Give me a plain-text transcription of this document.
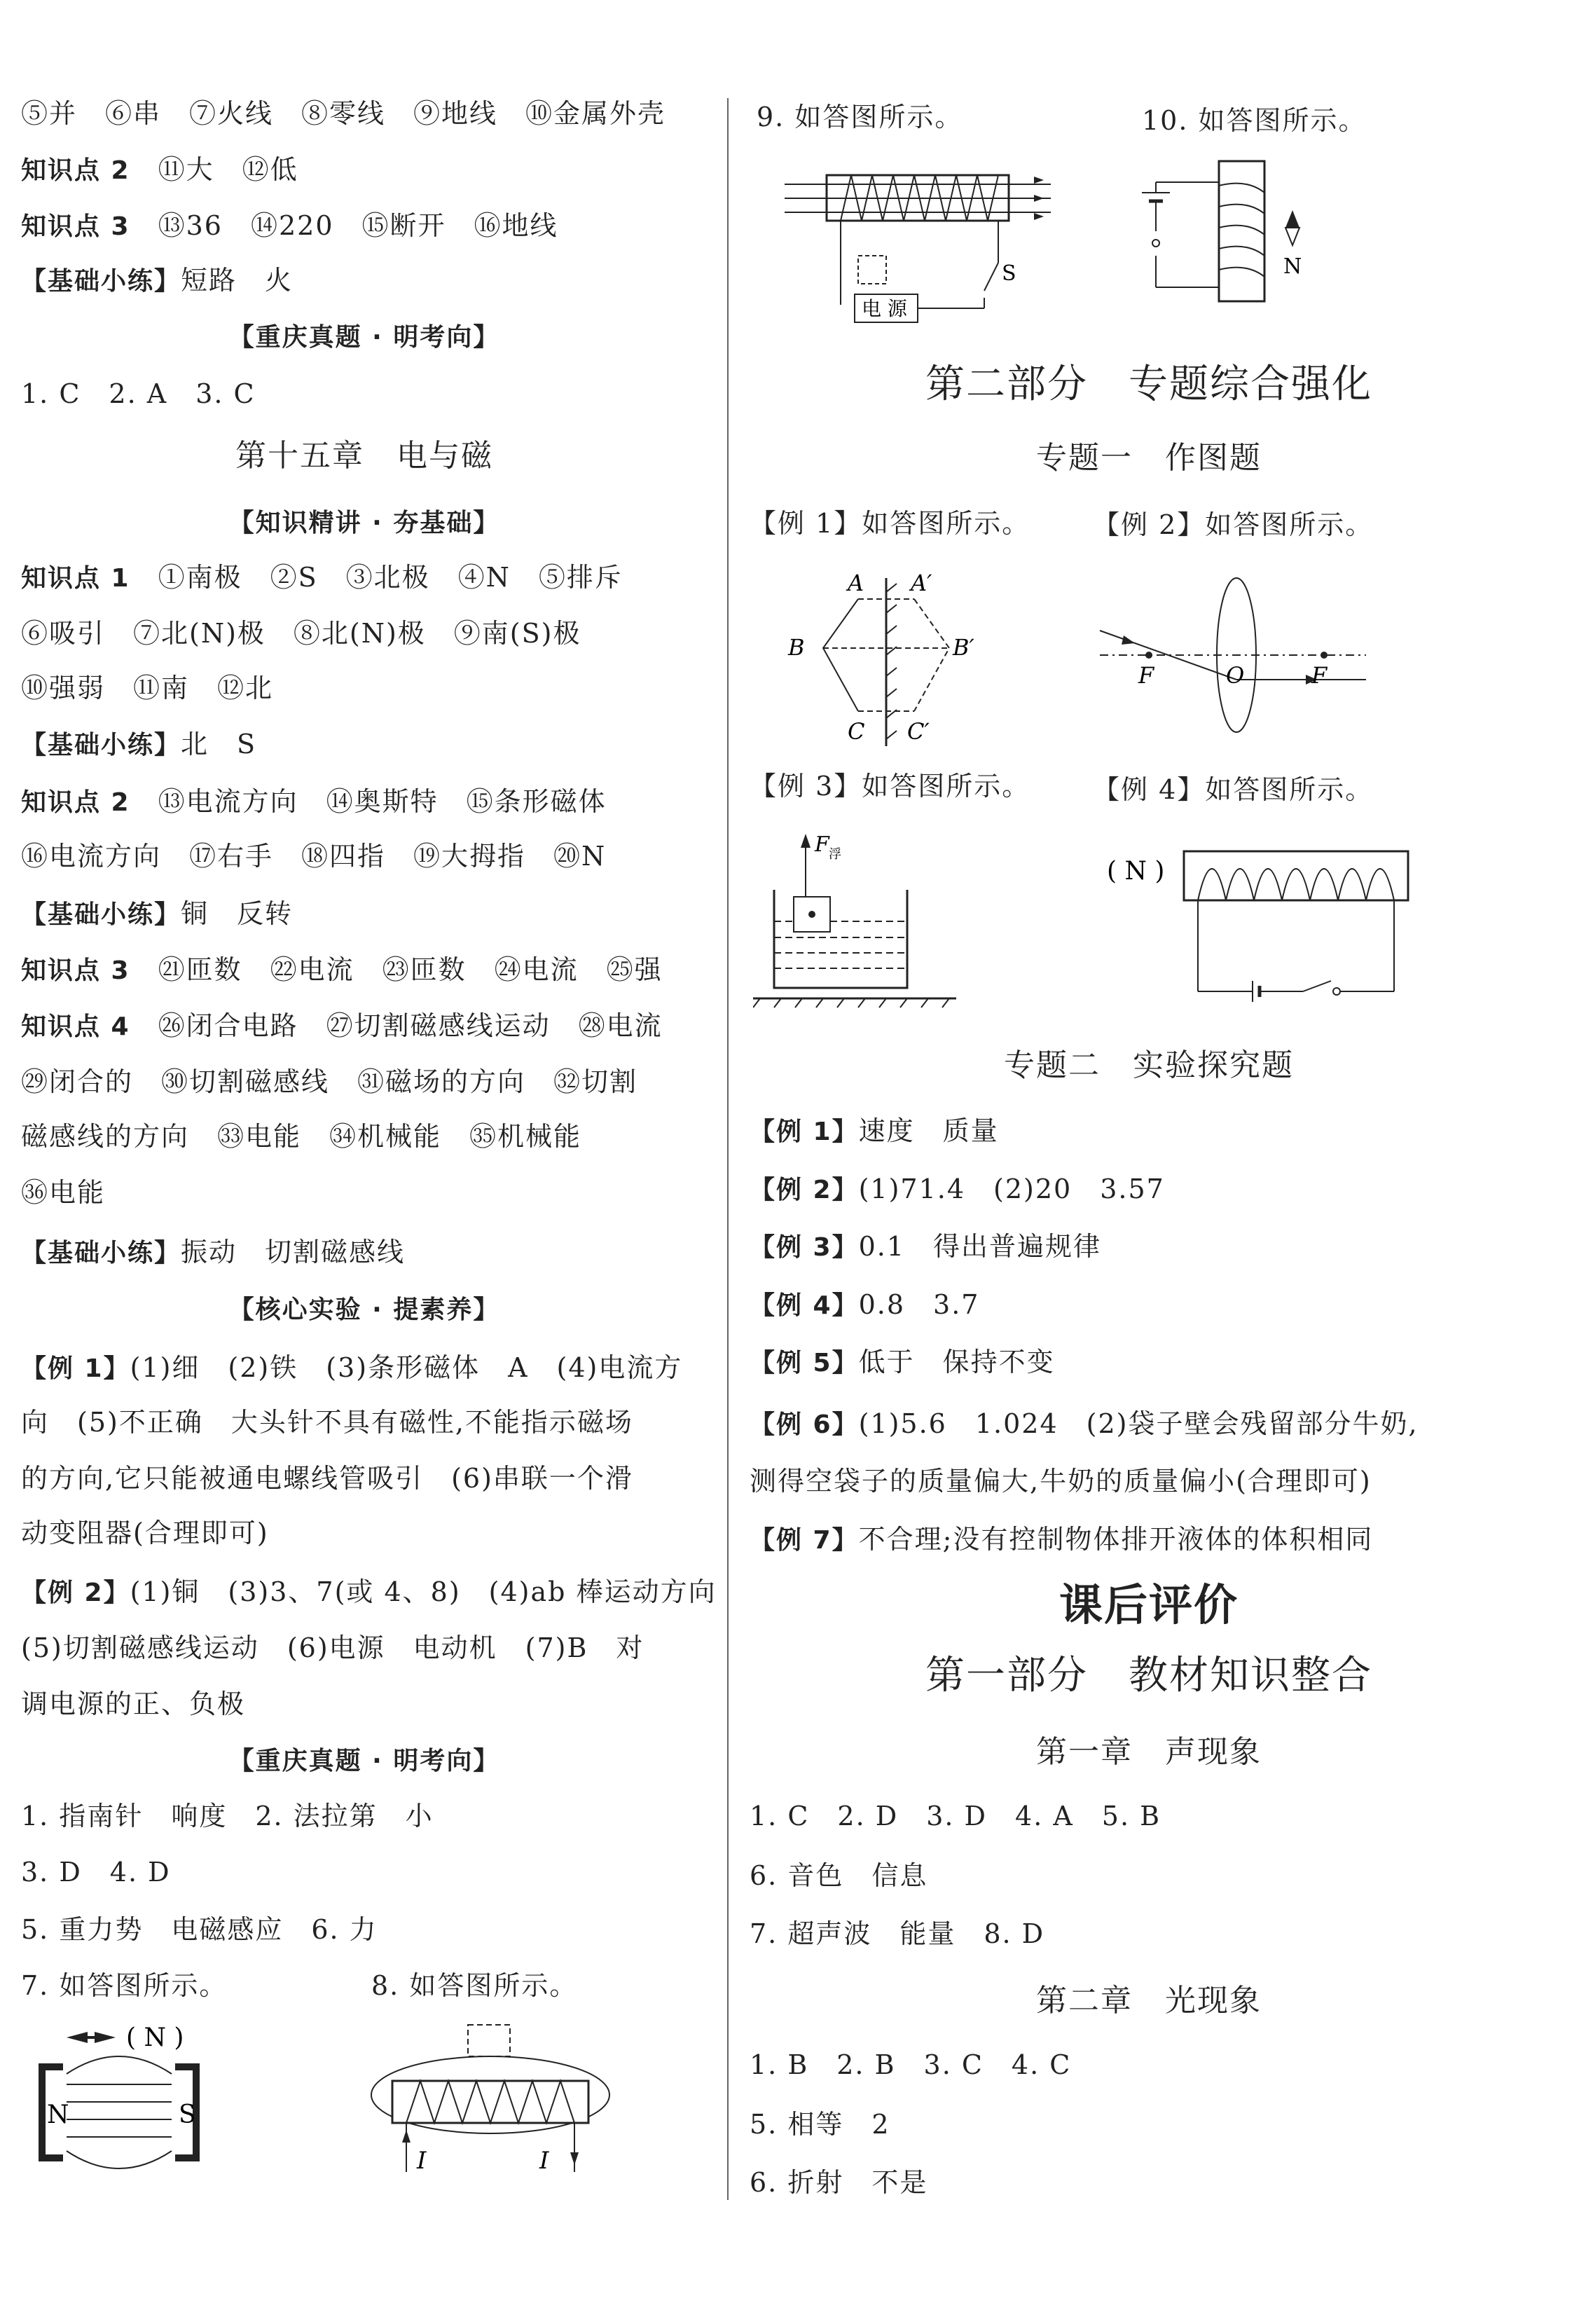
⑤并　⑥串　⑦火线　⑧零线　⑨地线　⑩金属外壳
知识点 2　 ⑪大　⑫低
知识点 3　 ⑬36　⑭220　⑮断开　⑯地线
【基础小练】短路　火
【重庆真题 · 明考向】
1. C　2. A　3. C
第十五章　电与磁
【知识精讲 · 夯基础】
知识点 1　 ①南极　②S　③北极　④N　⑤排斥
⑥吸引　⑦北(N)极　⑧北(N)极　⑨南(S)极
⑩强弱　⑪南　⑫北
【基础小练】北　S
知识点 2　 ⑬电流方向　⑭奥斯特　⑮条形磁体
⑯电流方向　⑰右手　⑱四指　⑲大拇指　⑳N
【基础小练】铜　反转
知识点 3　 ㉑匝数　㉒电流　㉓匝数　㉔电流　㉕强
知识点 4　 ㉖闭合电路　㉗切割磁感线运动　㉘电流
㉙闭合的　㉚切割磁感线　㉛磁场的方向　㉜切割
磁感线的方向　㉝电能　㉞机械能　㉟机械能
㊱电能
【基础小练】振动　切割磁感线
【核心实验 · 提素养】
【例 1】(1)细　(2)铁　(3)条形磁体　A　(4)电流方
向　(5)不正确　大头针不具有磁性,不能指示磁场
的方向,它只能被通电螺线管吸引　(6)串联一个滑
动变阻器(合理即可)
【例 2】(1)铜　(3)3、7(或 4、8)　(4)ab 棒运动方向
(5)切割磁感线运动　(6)电源　电动机　(7)B　对
调电源的正、负极
【重庆真题 · 明考向】
1. 指南针　响度　2. 法拉第　小
3. D　4. D
5. 重力势　电磁感应　6. 力
7. 如答图所示。	8. 如答图所示。
( N )
N	S
I	I
9. 如答图所示。	10. 如答图所示。
第二部分　专题综合强化
专题一　作图题
【例 1】如答图所示。 【例 2】如答图所示。
【例 3】如答图所示。 【例 4】如答图所示。
专题二　实验探究题
【例 1】速度　质量
【例 2】(1)71.4　(2)20　3.57
【例 3】0.1　得出普遍规律
【例 4】0.8　3.7
【例 5】低于　保持不变
【例 6】(1)5.6　1.024　(2)袋子壁会残留部分牛奶,
测得空袋子的质量偏大,牛奶的质量偏小(合理即可)
【例 7】不合理;没有控制物体排开液体的体积相同
课后评价
第一部分　教材知识整合
第一章　声现象
1. C　2. D　3. D　4. A　5. B
6. 音色　信息
7. 超声波　能量　8. D
第二章　光现象
1. B　2. B　3. C　4. C
5. 相等　2
6. 折射　不是
电 源
S	N
A A′
B	B′
C C′
F	O	F
F 浮
( N )
